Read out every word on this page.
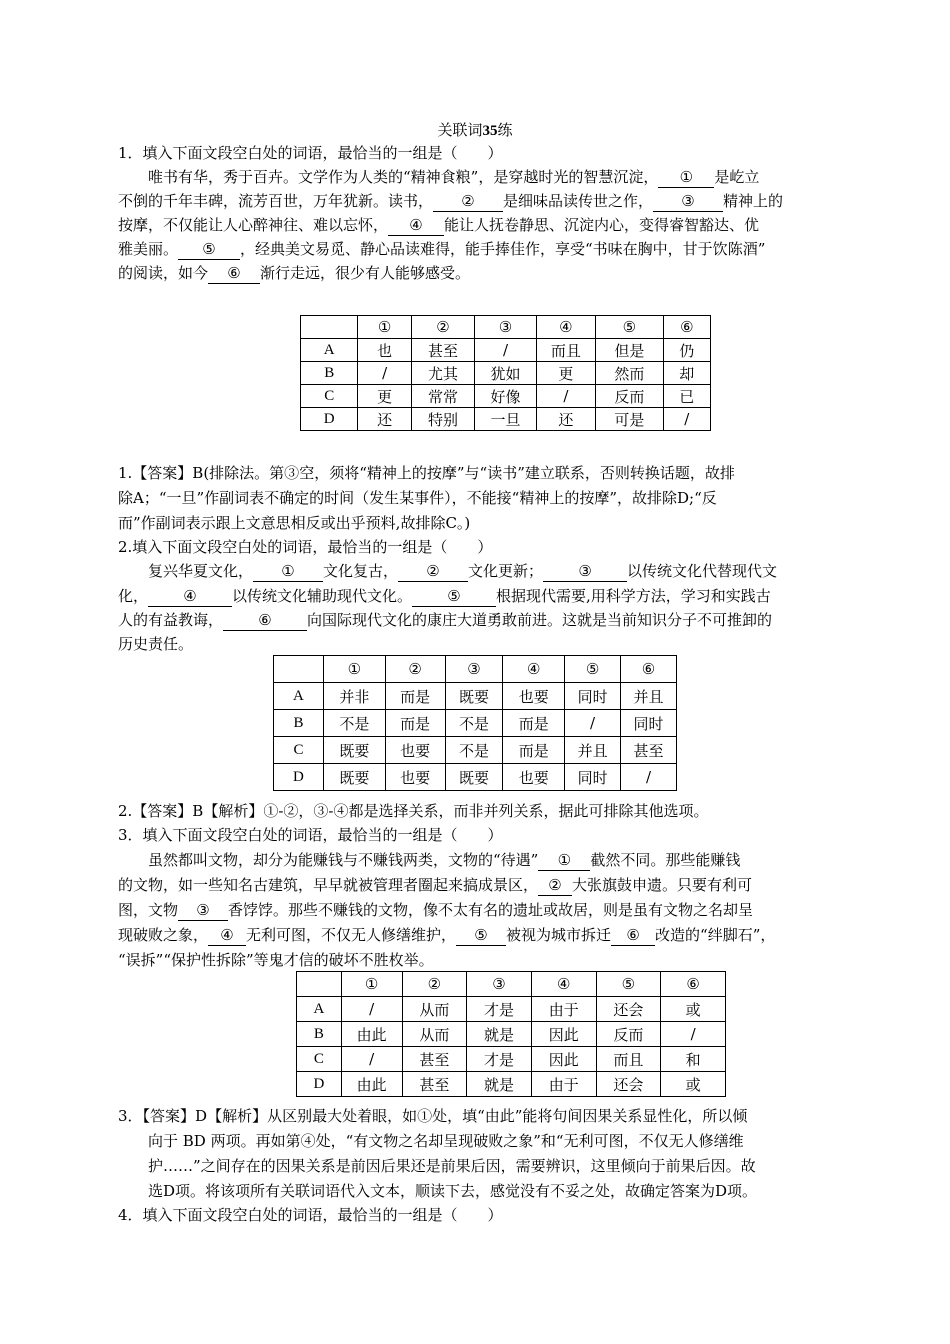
关联词35练
1．填入下面文段空白处的词语，最恰当的一组是（　　）
唯书有华，秀于百卉。文学作为人类的“精神食粮”，是穿越时光的智慧沉淀， ① 是屹立
不倒的千年丰碑，流芳百世，万年犹新。读书， ② 是细味品读传世之作， ③ 精神上的
按摩，不仅能让人心醉神往、难以忘怀， ④ 能让人抚卷静思、沉淀内心，变得睿智豁达、优
雅美丽。 ⑤ ，经典美文易觅、静心品读难得，能手捧佳作，享受“书味在胸中，甘于饮陈酒”
的阅读，如今 ⑥ 渐行走远，很少有人能够感受。
	①	②	③	④	⑤	⑥
A	也	甚至	/	而且	但是	仍
B	/	尤其	犹如	更	然而	却
C	更	常常	好像	/	反而	已
D	还	特别	一旦	还	可是	/
1.【答案】B(排除法。第③空，须将“精神上的按摩”与“读书”建立联系，否则转换话题，故排
除A；“一旦”作副词表不确定的时间（发生某事件），不能接“精神上的按摩”，故排除D;“反
而”作副词表示跟上文意思相反或出乎预料,故排除C。)
2.填入下面文段空白处的词语，最恰当的一组是（　　）
复兴华夏文化， ① 文化复古， ② 文化更新； ③ 以传统文化代替现代文
化， ④ 以传统文化辅助现代文化。 ⑤ 根据现代需要,用科学方法，学习和实践古
人的有益教诲， ⑥ 向国际现代文化的康庄大道勇敢前进。这就是当前知识分子不可推卸的
历史责任。
	①	②	③	④	⑤	⑥
A	并非	而是	既要	也要	同时	并且
B	不是	而是	不是	而是	/	同时
C	既要	也要	不是	而是	并且	甚至
D	既要	也要	既要	也要	同时	/
2.【答案】B【解析】①-②，③-④都是选择关系，而非并列关系，据此可排除其他选项。
3．填入下面文段空白处的词语，最恰当的一组是（　　）
虽然都叫文物，却分为能赚钱与不赚钱两类，文物的“待遇” ① 截然不同。那些能赚钱
的文物，如一些知名古建筑，早早就被管理者圈起来搞成景区， ② 大张旗鼓申遗。只要有利可
图，文物 ③ 香饽饽。那些不赚钱的文物，像不太有名的遗址或故居，则是虽有文物之名却呈
现破败之象， ④ 无利可图，不仅无人修缮维护， ⑤ 被视为城市拆迁 ⑥ 改造的“绊脚石”，
“误拆”“保护性拆除”等鬼才信的破坏不胜枚举。
	①	②	③	④	⑤	⑥
A	/	从而	才是	由于	还会	或
B	由此	从而	就是	因此	反而	/
C	/	甚至	才是	因此	而且	和
D	由此	甚至	就是	由于	还会	或
3．【答案】D【解析】从区别最大处着眼，如①处，填“由此”能将句间因果关系显性化，所以倾
向于 BD 两项。再如第④处，“有文物之名却呈现破败之象”和“无利可图，不仅无人修缮维
护……”之间存在的因果关系是前因后果还是前果后因，需要辨识，这里倾向于前果后因。故
选D项。将该项所有关联词语代入文本，顺读下去，感觉没有不妥之处，故确定答案为D项。
4．填入下面文段空白处的词语，最恰当的一组是（　　）
